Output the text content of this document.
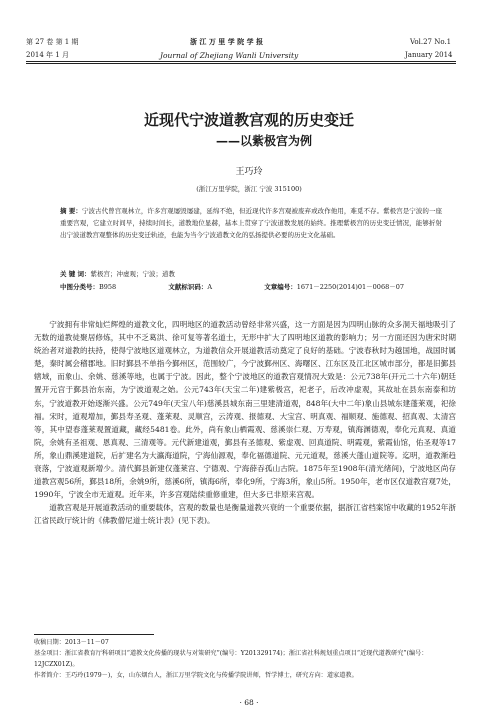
第 27 卷 第 1 期
2014 年 1 月
浙 江 万 里 学 院 学 报
Journal of Zhejiang Wanli University
Vol.27 No.1
January 2014
近现代宁波道教宫观的历史变迁
——以紫极宫为例
王巧玲
(浙江万里学院，浙江 宁波 315100)
摘 要：宁波古代曾宫观林立，许多宫观屡毁屡建，延绵不绝，但近现代许多宫观被废弃或改作他用，难觅不存。紫极宫是宁波的一座重要宫观，它建立时间早，持续时间长，道教地位显赫，基本上贯穿了宁波道教发展的始终。推理紫极宫的历史变迁情况，能够折射出宁波道教宫观整体的历史变迁轨迹，也能为当今宁波道教文化的弘扬提供必要的历史文化基础。
关 键 词：紫极宫；冲虚观；宁波；道教
中图分类号：B958	文献标识码：A	文章编号：1671－2250(2014)01－0068－07

宁波拥有非常灿烂辉煌的道教文化，四明地区的道教活动曾经非常兴盛，这一方面是因为四明山脉的众多洞天福地吸引了无数的道教徒聚居修炼，其中不乏葛洪、徐可复等著名道士，无形中扩大了四明地区道教的影响力；另一方面还因为唐宋时期统治者对道教的扶持，使得宁波地区道观林立，为道教信众开展道教活动奠定了良好的基础。宁波春秋时为越国地，战国时属楚，秦时属会稽郡地。旧时鄞县不单指今鄞州区，范围较广，今宁波鄞州区、海曙区、江东区及江北区城市部分，都是旧鄞县辖域，而象山、余姚、慈溪等地，也属于宁波。因此，整个宁波地区的道教宫观情况大致是：公元738年(开元二十六年)朝廷置开元宫于鄞县治东南，为宁波道观之始。公元743年(天宝二年)建紫极宫，祀老子，后改冲虚观，其故址在县东南泰和坊东，宁波道教开始逐渐兴盛。公元749年(天宝八年)慈溪县城东南三里建清道观，848年(大中二年)象山县城东建蓬莱观，祀徐福。宋时，道观增加，鄞县寿圣观、蓬莱观、灵顺宫，云涛观、报德观、大宝宫、明真观、福顺观、施德观、招真观、太清宫等，其中望春蓬莱观置道藏，藏经5481卷。此外，尚有象山栖霞观、慈溪崇仁观、万寿观，镇海渊德观，奉化元真观、真道院，余姚有圣祖观、恩真观、三清观等。元代新建道观，鄞县有圣德观、紫虚观、回真道院、明霞观，紫霞仙馆，佑圣观等17所，象山鼎溪建道院，后扩建名为大瀛海道院，宁海仙源观，奉化福德道院、元元道观，慈溪大蓬山道院等。迄明，道教渐趋衰落，宁波道观新增少。清代鄞县新建仅蓬莱宫、宁德观、宁海薛吞孤山古院。1875年至1908年(清光绪间)，宁波地区尚存道教宫观56所，鄞县18所，余姚9所，慈溪6所，镇海6所，奉化9所，宁海3所，象山5所。1950年，老市区仅道教宫观7处，1990年，宁波全市无道观。近年来，许多宫观陆续重修重建，但大多已非原来宫观。

道教宫观是开展道教活动的重要载体，宫观的数量也是衡量道教兴衰的一个重要依据，据浙江省档案馆中收藏的1952年浙江省民政厅统计的《佛教僧尼道士统计表》(见下表)。

收稿日期：2013－11－07
基金项目：浙江省教育厅科研项目“道教文化传播的现状与对策研究”(编号：Y201329174)；浙江省社科规划重点项目“近现代道教研究”(编号：12JCZX01Z)。
作者简介：王巧玲(1979－)，女，山东烟台人，浙江万里学院文化与传播学院讲师，哲学博士，研究方向：道家道教。
· 68 ·
